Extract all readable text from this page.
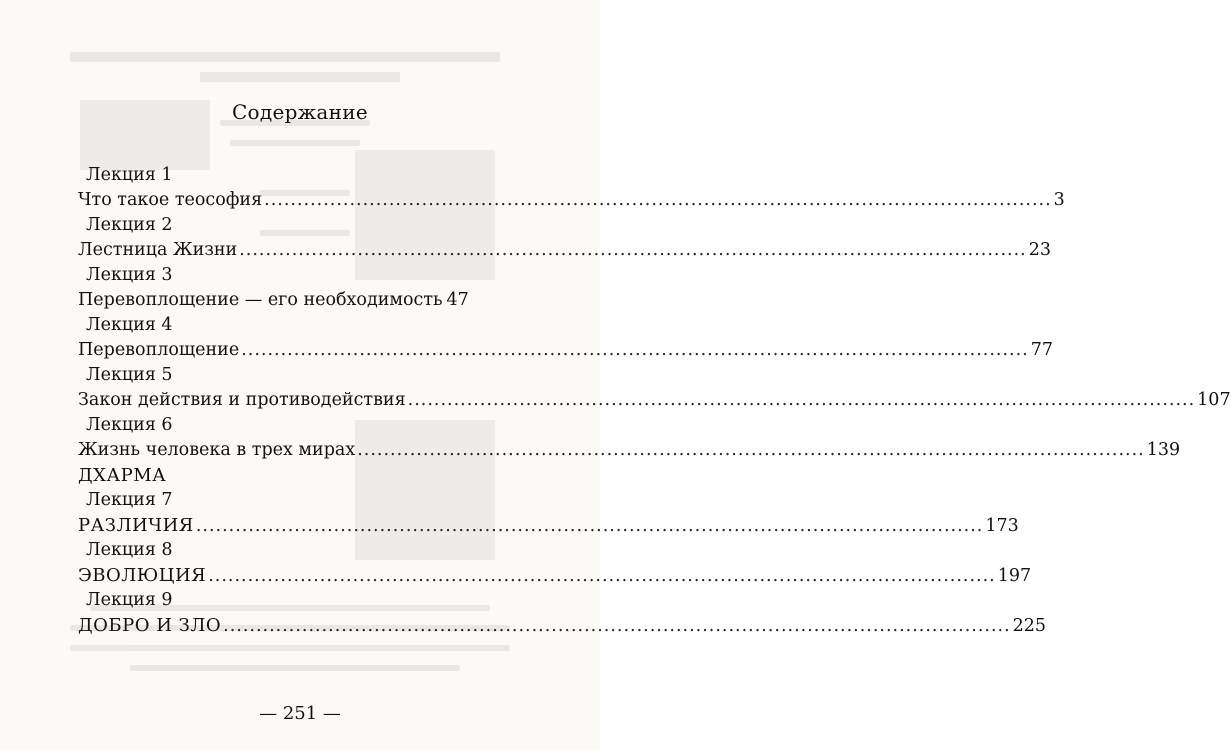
Содержание
Лекция 1
Что такое теософия ........................................................................................................................ 3
Лекция 2
Лестница Жизни ........................................................................................................................ 23
Лекция 3
Перевоплощение — его необходимость 47
Лекция 4
Перевоплощение ........................................................................................................................ 77
Лекция 5
Закон действия и противодействия ........................................................................................................................ 107
Лекция 6
Жизнь человека в трех мирах ........................................................................................................................ 139
ДХАРМА
Лекция 7
РАЗЛИЧИЯ ........................................................................................................................ 173
Лекция 8
ЭВОЛЮЦИЯ ........................................................................................................................ 197
Лекция 9
ДОБРО И ЗЛО ........................................................................................................................ 225
— 251 —
